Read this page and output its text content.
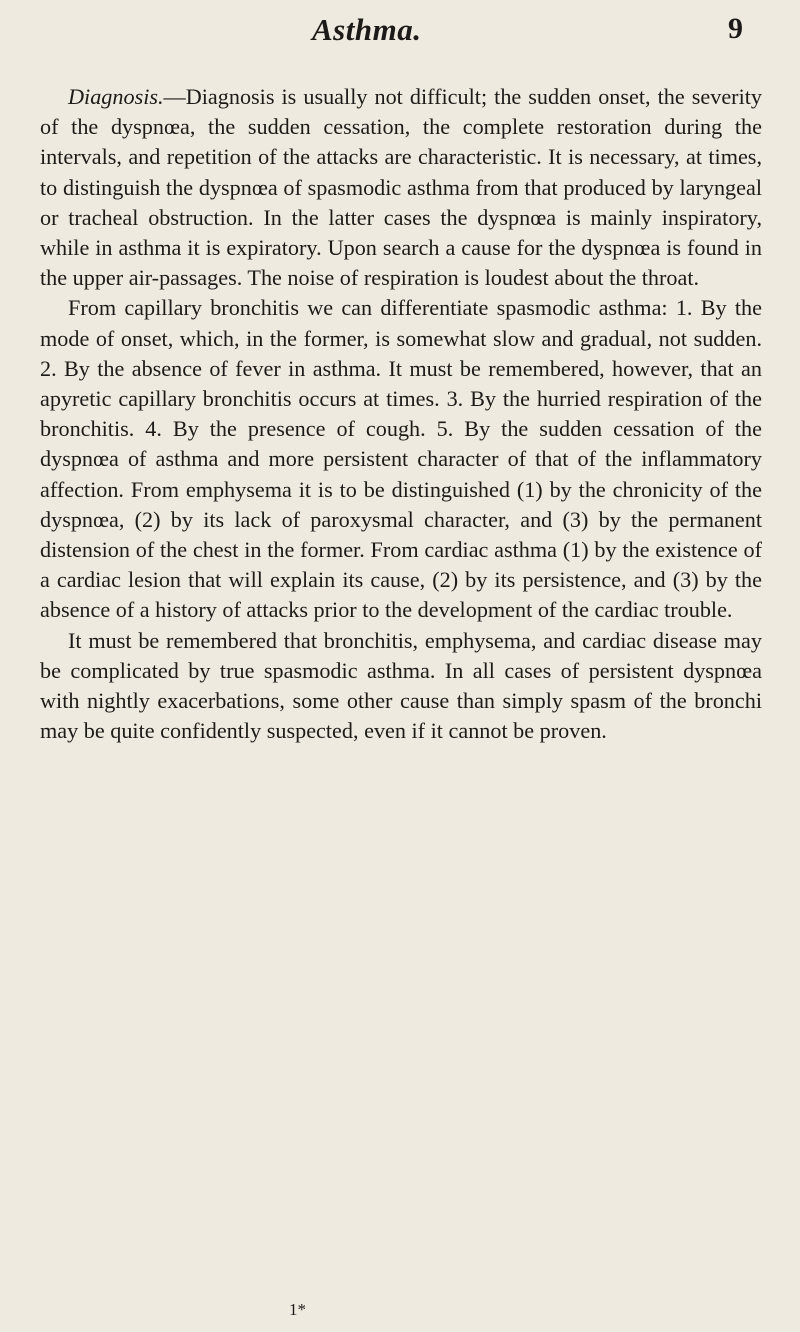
Asthma.	9

Diagnosis.—Diagnosis is usually not difficult; the sudden onset, the severity of the dyspnœa, the sudden cessation, the complete restoration during the intervals, and repetition of the attacks are characteristic. It is necessary, at times, to distinguish the dyspnœa of spasmodic asthma from that produced by laryngeal or tracheal obstruction. In the latter cases the dyspnœa is mainly inspiratory, while in asthma it is expiratory. Upon search a cause for the dyspnœa is found in the upper air-passages. The noise of respiration is loudest about the throat.

From capillary bronchitis we can differentiate spasmodic asthma: 1. By the mode of onset, which, in the former, is somewhat slow and gradual, not sudden. 2. By the absence of fever in asthma. It must be remembered, however, that an apyretic capillary bronchitis occurs at times. 3. By the hurried respiration of the bronchitis. 4. By the presence of cough. 5. By the sudden cessation of the dyspnœa of asthma and more persistent character of that of the inflammatory affection. From emphysema it is to be distinguished (1) by the chronicity of the dyspnœa, (2) by its lack of paroxysmal character, and (3) by the permanent distension of the chest in the former. From cardiac asthma (1) by the existence of a cardiac lesion that will explain its cause, (2) by its persistence, and (3) by the absence of a history of attacks prior to the development of the cardiac trouble.

It must be remembered that bronchitis, emphysema, and cardiac disease may be complicated by true spasmodic asthma. In all cases of persistent dyspnœa with nightly exacerbations, some other cause than simply spasm of the bronchi may be quite confidently suspected, even if it cannot be proven.

1*
